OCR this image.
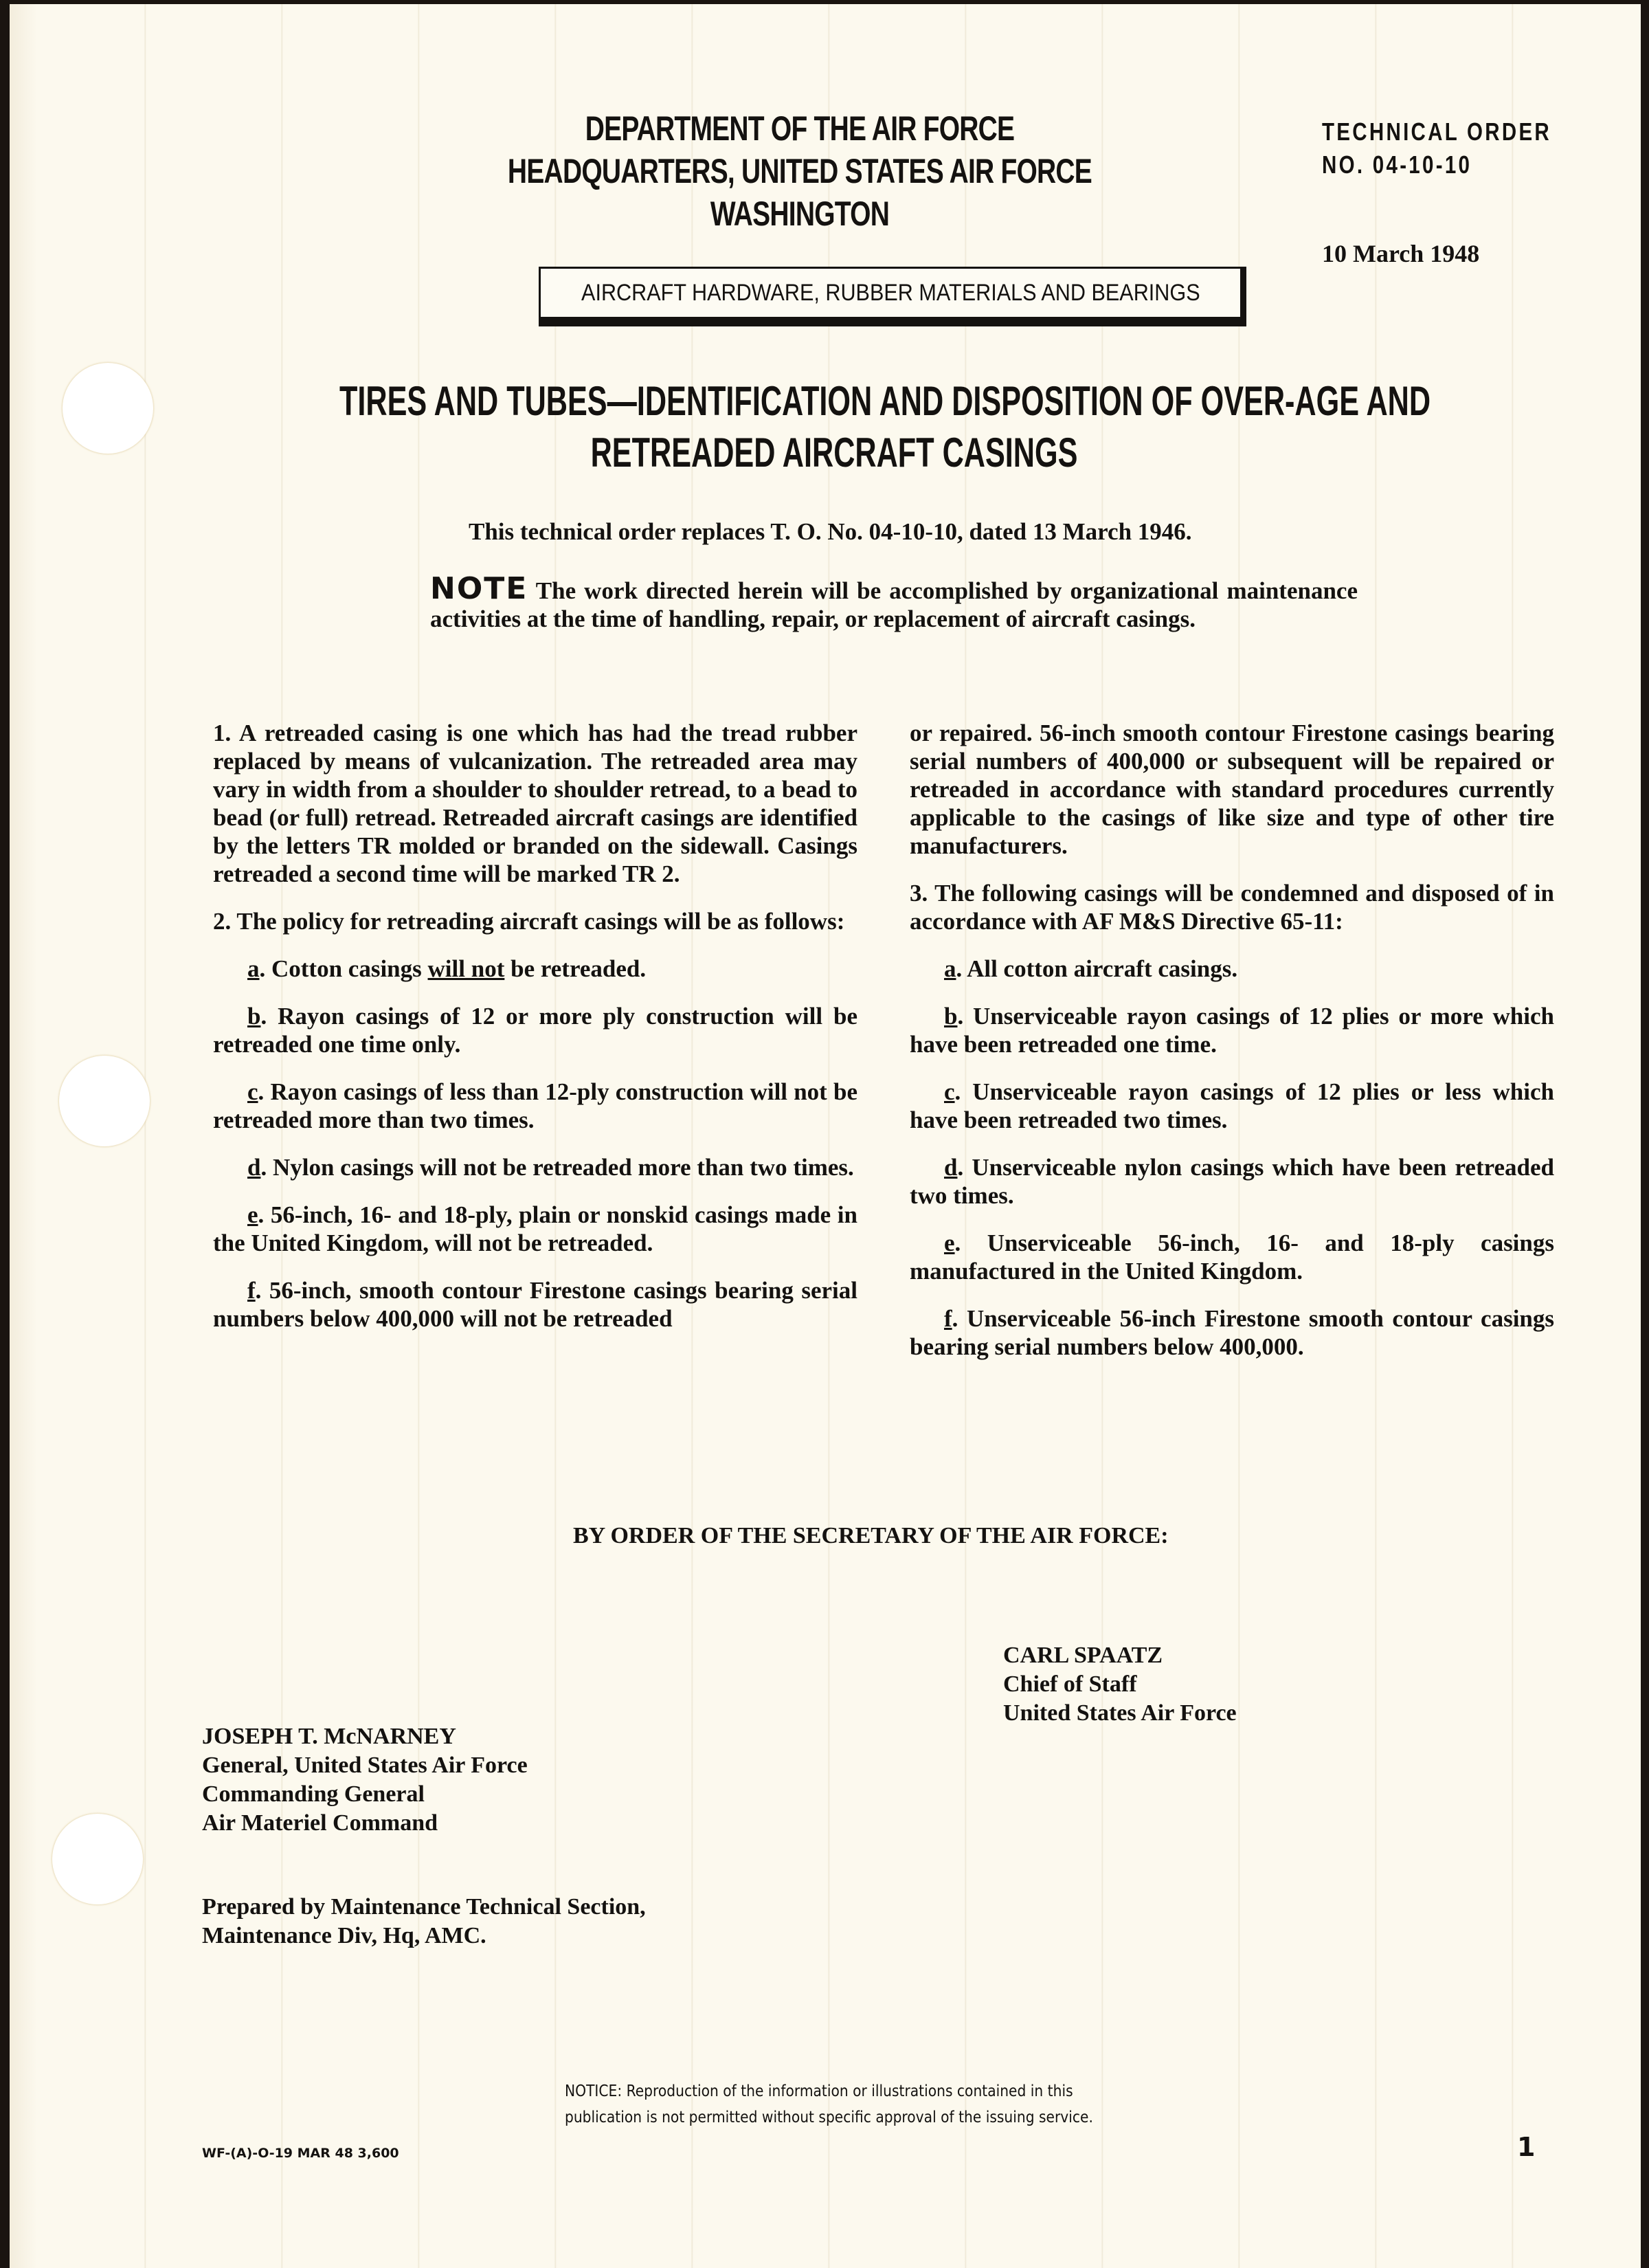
DEPARTMENT OF THE AIR FORCE
HEADQUARTERS, UNITED STATES AIR FORCE
WASHINGTON
TECHNICAL ORDER
NO. 04-10-10
10 March 1948
AIRCRAFT HARDWARE, RUBBER MATERIALS AND BEARINGS
TIRES AND TUBES—IDENTIFICATION AND DISPOSITION OF OVER-AGE AND
RETREADED AIRCRAFT CASINGS
This technical order replaces T. O. No. 04-10-10, dated 13 March 1946.
NOTE The work directed herein will be accomplished by organizational maintenance activities at the time of handling, repair, or replacement of aircraft casings.

1. A retreaded casing is one which has had the tread rubber replaced by means of vulcanization. The retreaded area may vary in width from a shoulder to shoulder retread, to a bead to bead (or full) retread. Retreaded aircraft casings are identified by the letters TR molded or branded on the sidewall. Casings retreaded a second time will be marked TR 2.

2. The policy for retreading aircraft casings will be as follows:

a. Cotton casings will not be retreaded.

b. Rayon casings of 12 or more ply construction will be retreaded one time only.

c. Rayon casings of less than 12-ply construction will not be retreaded more than two times.

d. Nylon casings will not be retreaded more than two times.

e. 56-inch, 16- and 18-ply, plain or nonskid casings made in the United Kingdom, will not be retreaded.

f. 56-inch, smooth contour Firestone casings bearing serial numbers below 400,000 will not be retreaded

or repaired. 56-inch smooth contour Firestone casings bearing serial numbers of 400,000 or subsequent will be repaired or retreaded in accordance with standard procedures currently applicable to the casings of like size and type of other tire manufacturers.

3. The following casings will be condemned and disposed of in accordance with AF M&S Directive 65-11:

a. All cotton aircraft casings.

b. Unserviceable rayon casings of 12 plies or more which have been retreaded one time.

c. Unserviceable rayon casings of 12 plies or less which have been retreaded two times.

d. Unserviceable nylon casings which have been retreaded two times.

e. Unserviceable 56-inch, 16- and 18-ply casings manufactured in the United Kingdom.

f. Unserviceable 56-inch Firestone smooth contour casings bearing serial numbers below 400,000.

BY ORDER OF THE SECRETARY OF THE AIR FORCE:
CARL SPAATZ
Chief of Staff
United States Air Force
JOSEPH T. McNARNEY
General, United States Air Force
Commanding General
Air Materiel Command
Prepared by Maintenance Technical Section,
Maintenance Div, Hq, AMC.
NOTICE: Reproduction of the information or illustrations contained in this
publication is not permitted without specific approval of the issuing service.
WF-(A)-O-19 MAR 48 3,600	1
